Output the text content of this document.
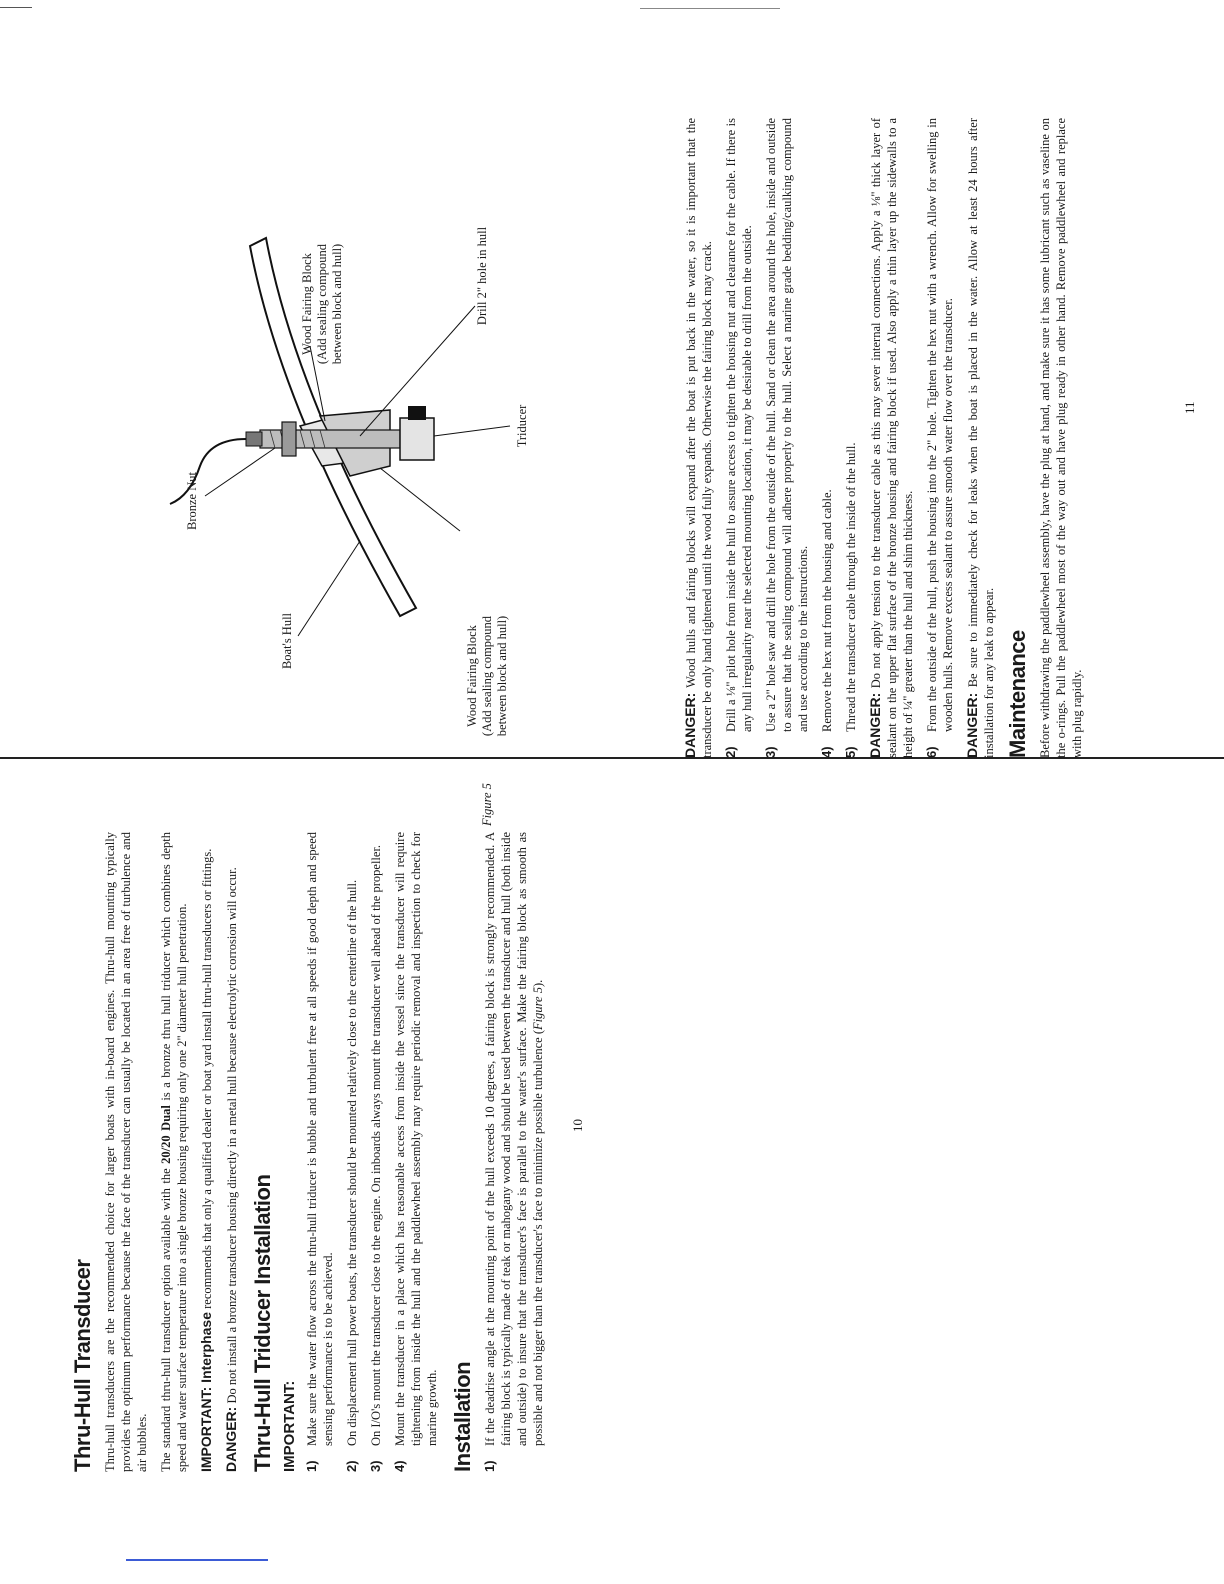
Thru-Hull Transducer Thru-hull transducers are the recommended choice for larger boats with in-board engines. Thru-hull mounting typically provides the optimum performance because the face of the transducer can usually be located in an area free of turbulence and air bubbles. The standard thru-hull transducer option available with the 20/20 Dual is a bronze thru hull triducer which combines depth speed and water surface temperature into a single bronze housing requiring only one 2" diameter hull penetration. IMPORTANT: Interphase recommends that only a qualified dealer or boat yard install thru-hull transducers or fittings.

DANGER: Do not install a bronze transducer housing directly in a metal hull because electrolytic corrosion will occur. Thru-Hull Triducer Installation IMPORTANT: 1)
Make sure the water flow across the thru-hull triducer is bubble and turbulent free at all speeds if good depth and speed sensing performance is to be achieved.
2)
On displacement hull power boats, the transducer should be mounted relatively close to the centerline of the hull.
3)
On I/O's mount the transducer close to the engine. On inboards always mount the transducer well ahead of the propeller.
4)
Mount the transducer in a place which has reasonable access from inside the vessel since the transducer will require tightening from inside the hull and the paddlewheel assembly may require periodic removal and inspection to check for marine growth. Installation 1)
If the deadrise angle at the mounting point of the hull exceeds 10 degrees, a fairing block is strongly recommended. A fairing block is typically made of teak or mahogany wood and should be used between the transducer and hull (both inside and outside) to insure that the transducer's face is parallel to the water's surface. Make the fairing block as smooth as possible and not bigger than the transducer's face to minimize possible turbulence (Figure 5).
Boat's Hull
Bronze Nut
Wood Fairing Block (Add sealing compound between block and hull)	Drill 2" hole in hull
Wood Fairing Block (Add sealing compound between block and hull)
Triducer
Figure 5
10

DANGER: Wood hulls and fairing blocks will expand after the boat is put back in the water, so it is important that the transducer be only hand tightened until the wood fully expands. Otherwise the fairing block may crack. 2)
Drill a ⅛" pilot hole from inside the hull to assure access to tighten the housing nut and clearance for the cable. If there is any hull irregularity near the selected mounting location, it may be desirable to drill from the outside.
3)
Use a 2" hole saw and drill the hole from the outside of the hull. Sand or clean the area around the hole, inside and outside to assure that the sealing compound will adhere properly to the hull. Select a marine grade bedding/caulking compound and use according to the instructions.
4)
Remove the hex nut from the housing and cable.
5)
Thread the transducer cable through the inside of the hull. DANGER: Do not apply tension to the transducer cable as this may sever internal connections. Apply a ⅛" thick layer of sealant on the upper flat surface of the bronze housing and fairing block if used. Also apply a thin layer up the sidewalls to a height of ¼" greater than the hull and shim thickness. 6)
From the outside of the hull, push the housing into the 2" hole. Tighten the hex nut with a wrench. Allow for swelling in wooden hulls. Remove excess sealant to assure smooth water flow over the transducer. DANGER: Be sure to immediately check for leaks when the boat is placed in the water. Allow at least 24 hours after installation for any leak to appear. Maintenance Before withdrawing the paddlewheel assembly, have the plug at hand, and make sure it has some lubricant such as vaseline on the o-rings. Pull the paddlewheel most of the way out and have plug ready in other hand. Remove paddlewheel and replace with plug rapidly.

11
